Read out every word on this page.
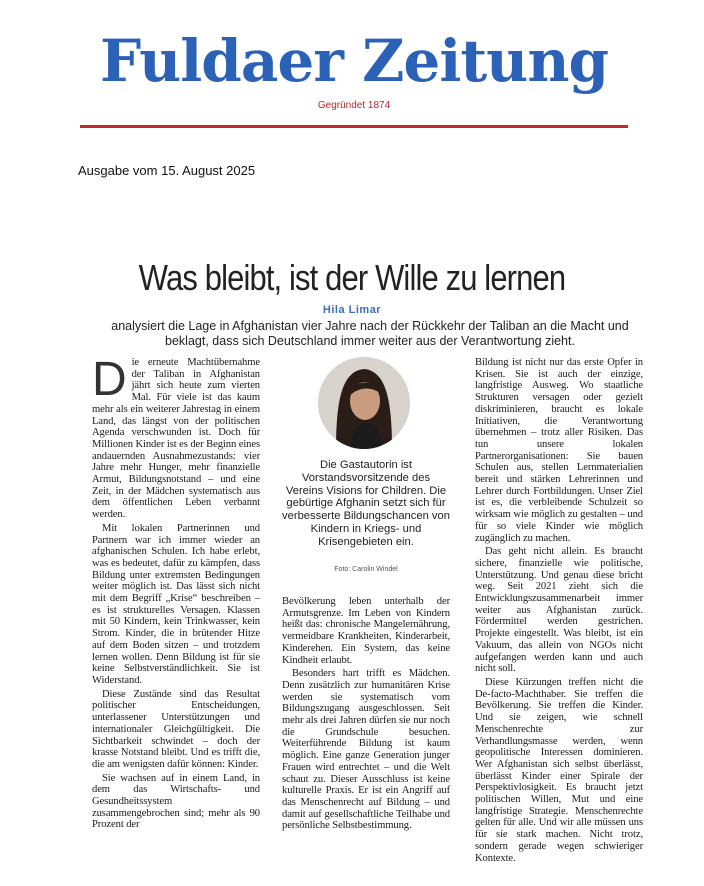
Fuldaer Zeitung
Gegründet 1874
Ausgabe vom 15. August 2025
Was bleibt, ist der Wille zu lernen
Hila Limar
analysiert die Lage in Afghanistan vier Jahre nach der Rückkehr der Taliban an die Macht und beklagt, dass sich Deutschland immer weiter aus der Verantwortung zieht.

Die erneute Machtübernahme der Taliban in Afghanistan jährt sich heute zum vierten Mal. Für viele ist das kaum mehr als ein weiterer Jahrestag in einem Land, das längst von der politischen Agenda verschwunden ist. Doch für Millionen Kinder ist es der Beginn eines andauernden Ausnahmezustands: vier Jahre mehr Hunger, mehr finanzielle Armut, Bildungsnotstand – und eine Zeit, in der Mädchen systematisch aus dem öffentlichen Leben verbannt werden.

Mit lokalen Partnerinnen und Partnern war ich immer wieder an afghanischen Schulen. Ich habe erlebt, was es bedeutet, dafür zu kämpfen, dass Bildung unter extremsten Bedingungen weiter möglich ist. Das lässt sich nicht mit dem Begriff „Krise“ beschreiben – es ist strukturelles Versagen. Klassen mit 50 Kindern, kein Trinkwasser, kein Strom. Kinder, die in brütender Hitze auf dem Boden sitzen – und trotzdem lernen wollen. Denn Bildung ist für sie keine Selbstverständlichkeit. Sie ist Widerstand.

Diese Zustände sind das Resultat politischer Entscheidungen, unterlassener Unterstützungen und internationaler Gleichgültigkeit. Die Sichtbarkeit schwindet – doch der krasse Notstand bleibt. Und es trifft die, die am wenigsten dafür können: Kinder.

Sie wachsen auf in einem Land, in dem das Wirtschafts- und Gesundheitssystem zusammengebrochen sind; mehr als 90 Prozent der

Die Gastautorin ist Vorstandsvorsitzende des Vereins Visions for Children. Die gebürtige Afghanin setzt sich für verbesserte Bildungschancen von Kindern in Kriegs- und Krisengebieten ein.
Foto: Carolin Windel

Bevölkerung leben unterhalb der Armutsgrenze. Im Leben von Kindern heißt das: chronische Mangelernährung, vermeidbare Krankheiten, Kinderarbeit, Kinderehen. Ein System, das keine Kindheit erlaubt.

Besonders hart trifft es Mädchen. Denn zusätzlich zur humanitären Krise werden sie systematisch vom Bildungszugang ausgeschlossen. Seit mehr als drei Jahren dürfen sie nur noch die Grundschule besuchen. Weiterführende Bildung ist kaum möglich. Eine ganze Generation junger Frauen wird entrechtet – und die Welt schaut zu. Dieser Ausschluss ist keine kulturelle Praxis. Er ist ein Angriff auf das Menschenrecht auf Bildung – und damit auf gesellschaftliche Teilhabe und persönliche Selbstbestimmung.

Bildung ist nicht nur das erste Opfer in Krisen. Sie ist auch der einzige, langfristige Ausweg. Wo staatliche Strukturen versagen oder gezielt diskriminieren, braucht es lokale Initiativen, die Verantwortung übernehmen – trotz aller Risiken. Das tun unsere lokalen Partnerorganisationen: Sie bauen Schulen aus, stellen Lernmaterialien bereit und stärken Lehrerinnen und Lehrer durch Fortbildungen. Unser Ziel ist es, die verbleibende Schulzeit so wirksam wie möglich zu gestalten – und für so viele Kinder wie möglich zugänglich zu machen.

Das geht nicht allein. Es braucht sichere, finanzielle wie politische, Unterstützung. Und genau diese bricht weg. Seit 2021 zieht sich die Entwicklungszusammenarbeit immer weiter aus Afghanistan zurück. Fördermittel werden gestrichen. Projekte eingestellt. Was bleibt, ist ein Vakuum, das allein von NGOs nicht aufgefangen werden kann und auch nicht soll.

Diese Kürzungen treffen nicht die De-facto-Machthaber. Sie treffen die Bevölkerung. Sie treffen die Kinder. Und sie zeigen, wie schnell Menschenrechte zur Verhandlungsmasse werden, wenn geopolitische Interessen dominieren. Wer Afghanistan sich selbst überlässt, überlässt Kinder einer Spirale der Perspektivlosigkeit. Es braucht jetzt politischen Willen, Mut und eine langfristige Strategie. Menschenrechte gelten für alle. Und wir alle müssen uns für sie stark machen. Nicht trotz, sondern gerade wegen schwieriger Kontexte.
